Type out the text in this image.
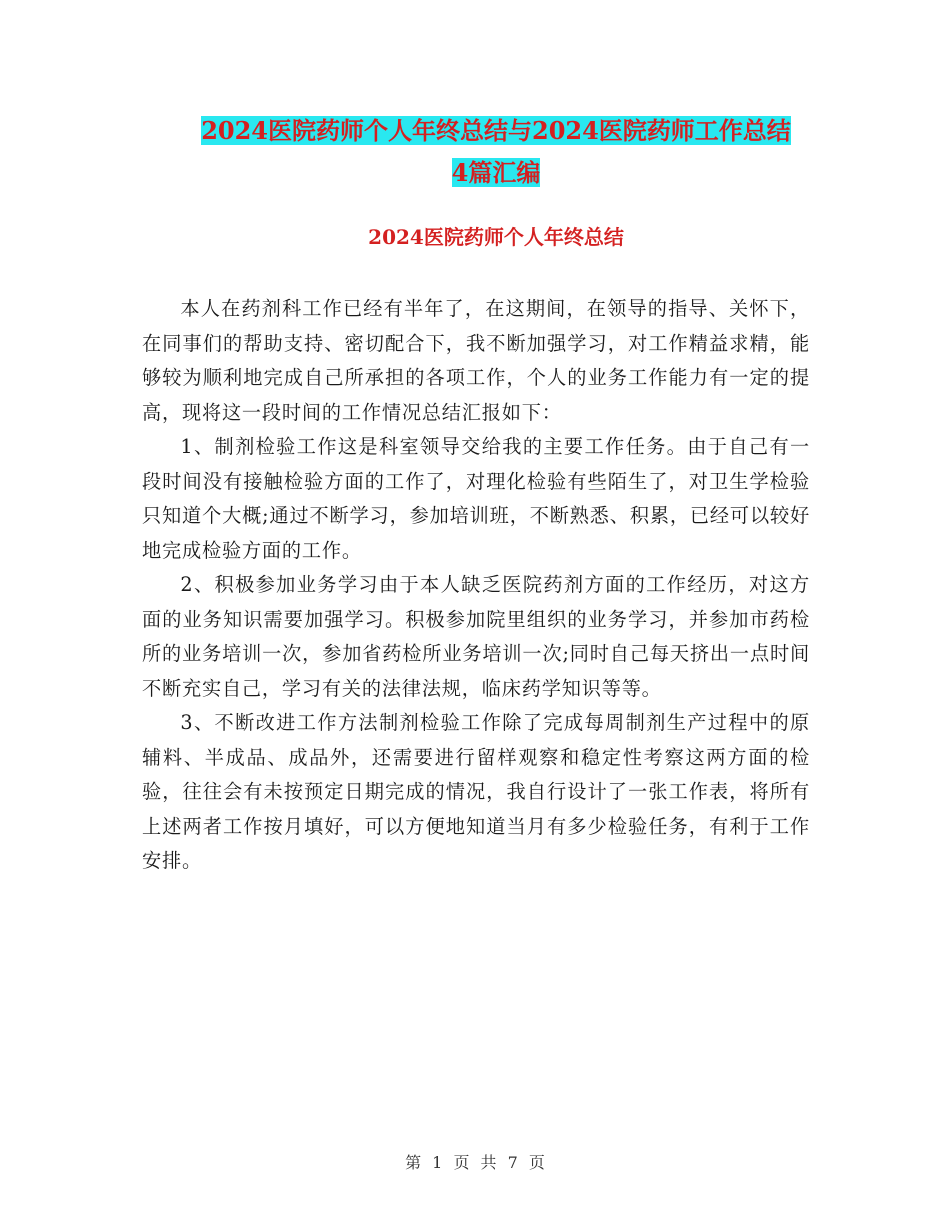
2024医院药师个人年终总结与2024医院药师工作总结
4篇汇编
2024医院药师个人年终总结

本人在药剂科工作已经有半年了，在这期间，在领导的指导、关怀下，在同事们的帮助支持、密切配合下，我不断加强学习，对工作精益求精，能够较为顺利地完成自己所承担的各项工作，个人的业务工作能力有一定的提高，现将这一段时间的工作情况总结汇报如下：

1、制剂检验工作这是科室领导交给我的主要工作任务。由于自己有一段时间没有接触检验方面的工作了，对理化检验有些陌生了，对卫生学检验只知道个大概;通过不断学习，参加培训班，不断熟悉、积累，已经可以较好地完成检验方面的工作。

2、积极参加业务学习由于本人缺乏医院药剂方面的工作经历，对这方面的业务知识需要加强学习。积极参加院里组织的业务学习，并参加市药检所的业务培训一次，参加省药检所业务培训一次;同时自己每天挤出一点时间不断充实自己，学习有关的法律法规，临床药学知识等等。

3、不断改进工作方法制剂检验工作除了完成每周制剂生产过程中的原辅料、半成品、成品外，还需要进行留样观察和稳定性考察这两方面的检验，往往会有未按预定日期完成的情况，我自行设计了一张工作表，将所有上述两者工作按月填好，可以方便地知道当月有多少检验任务，有利于工作安排。

第 1 页 共 7 页
